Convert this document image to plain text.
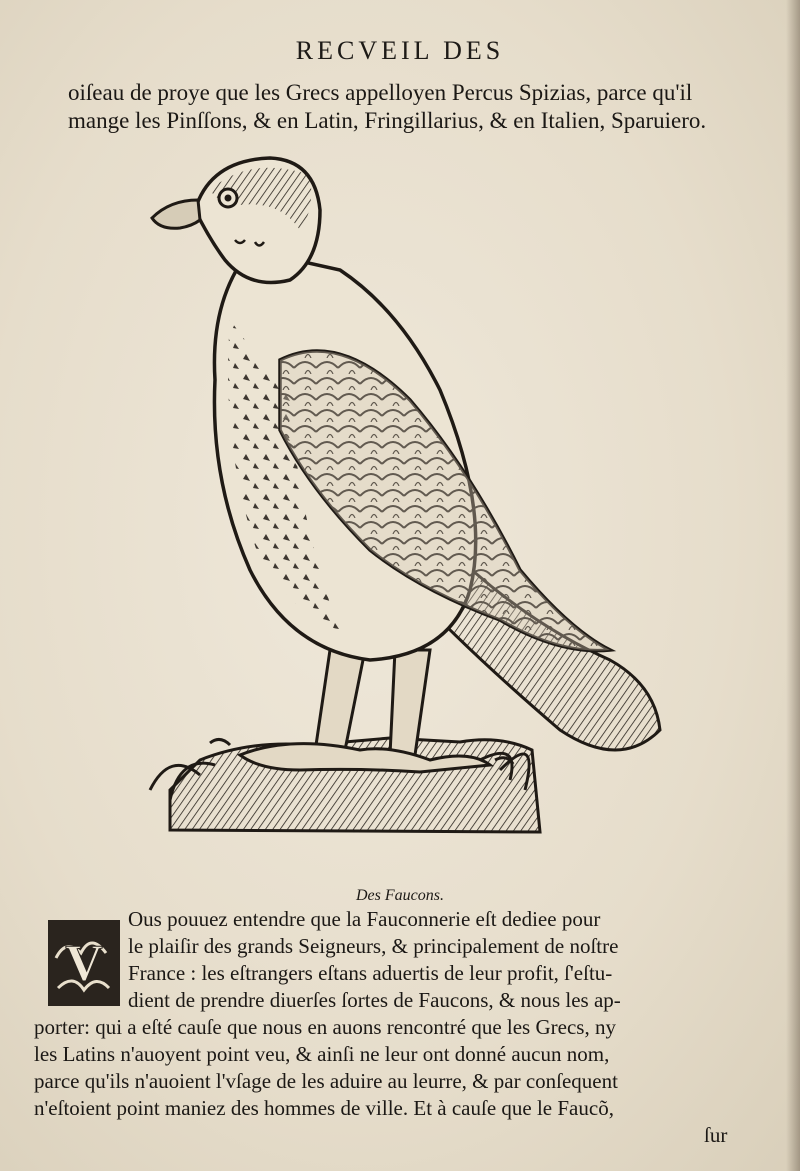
RECVEIL DES
oiſeau de proye que les Grecs appelloyen Percus Spizias, parce qu'il
mange les Pinſſons, & en Latin, Fringillarius, & en Italien, Sparuiero.
Des Faucons.
V
Ous pouuez entendre que la Fauconnerie eſt dediee pour
le plaiſir des grands Seigneurs, & principalement de noſtre
France : les eſtrangers eſtans aduertis de leur profit, ſ'eſtu-
dient de prendre diuerſes ſortes de Faucons, & nous les ap-
porter: qui a eſté cauſe que nous en auons rencontré que les Grecs, ny
les Latins n'auoyent point veu, & ainſi ne leur ont donné aucun nom,
parce qu'ils n'auoient l'vſage de les aduire au leurre, & par conſequent
n'eſtoient point maniez des hommes de ville. Et à cauſe que le Faucõ,
ſur
